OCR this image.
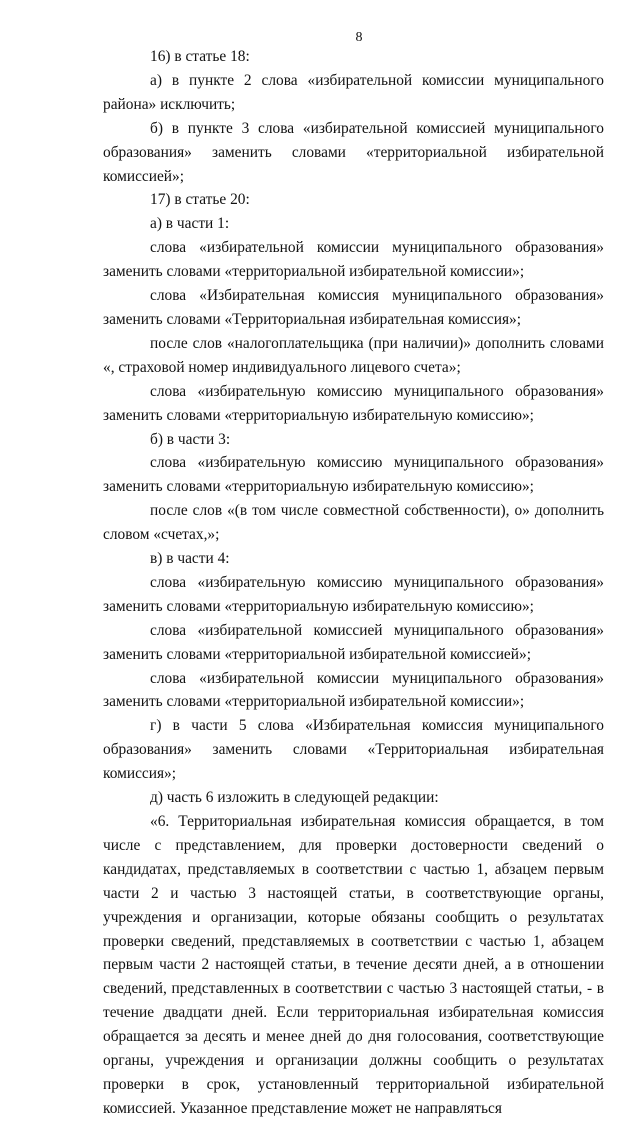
8

16) в статье 18:

а) в пункте 2 слова «избирательной комиссии муниципального района» исключить;

б) в пункте 3 слова «избирательной комиссией муниципального образования» заменить словами «территориальной избирательной комиссией»;

17) в статье 20:

а) в части 1:

слова «избирательной комиссии муниципального образования» заменить словами «территориальной избирательной комиссии»;

слова «Избирательная комиссия муниципального образования» заменить словами «Территориальная избирательная комиссия»;

после слов «налогоплательщика (при наличии)» дополнить словами «, страховой номер индивидуального лицевого счета»;

слова «избирательную комиссию муниципального образования» заменить словами «территориальную избирательную комиссию»;

б) в части 3:

слова «избирательную комиссию муниципального образования» заменить словами «территориальную избирательную комиссию»;

после слов «(в том числе совместной собственности), о» дополнить словом «счетах,»;

в) в части 4:

слова «избирательную комиссию муниципального образования» заменить словами «территориальную избирательную комиссию»;

слова «избирательной комиссией муниципального образования» заменить словами «территориальной избирательной комиссией»;

слова «избирательной комиссии муниципального образования» заменить словами «территориальной избирательной комиссии»;

г) в части 5 слова «Избирательная комиссия муниципального образования» заменить словами «Территориальная избирательная комиссия»;

д) часть 6 изложить в следующей редакции:

«6. Территориальная избирательная комиссия обращается, в том числе с представлением, для проверки достоверности сведений о кандидатах, представляемых в соответствии с частью 1, абзацем первым части 2 и частью 3 настоящей статьи, в соответствующие органы, учреждения и организации, которые обязаны сообщить о результатах проверки сведений, представляемых в соответствии с частью 1, абзацем первым части 2 настоящей статьи, в течение десяти дней, а в отношении сведений, представленных в соответствии с частью 3 настоящей статьи, - в течение двадцати дней. Если территориальная избирательная комиссия обращается за десять и менее дней до дня голосования, соответствующие органы, учреждения и организации должны сообщить о результатах проверки в срок, установленный территориальной избирательной комиссией. Указанное представление может не направляться
